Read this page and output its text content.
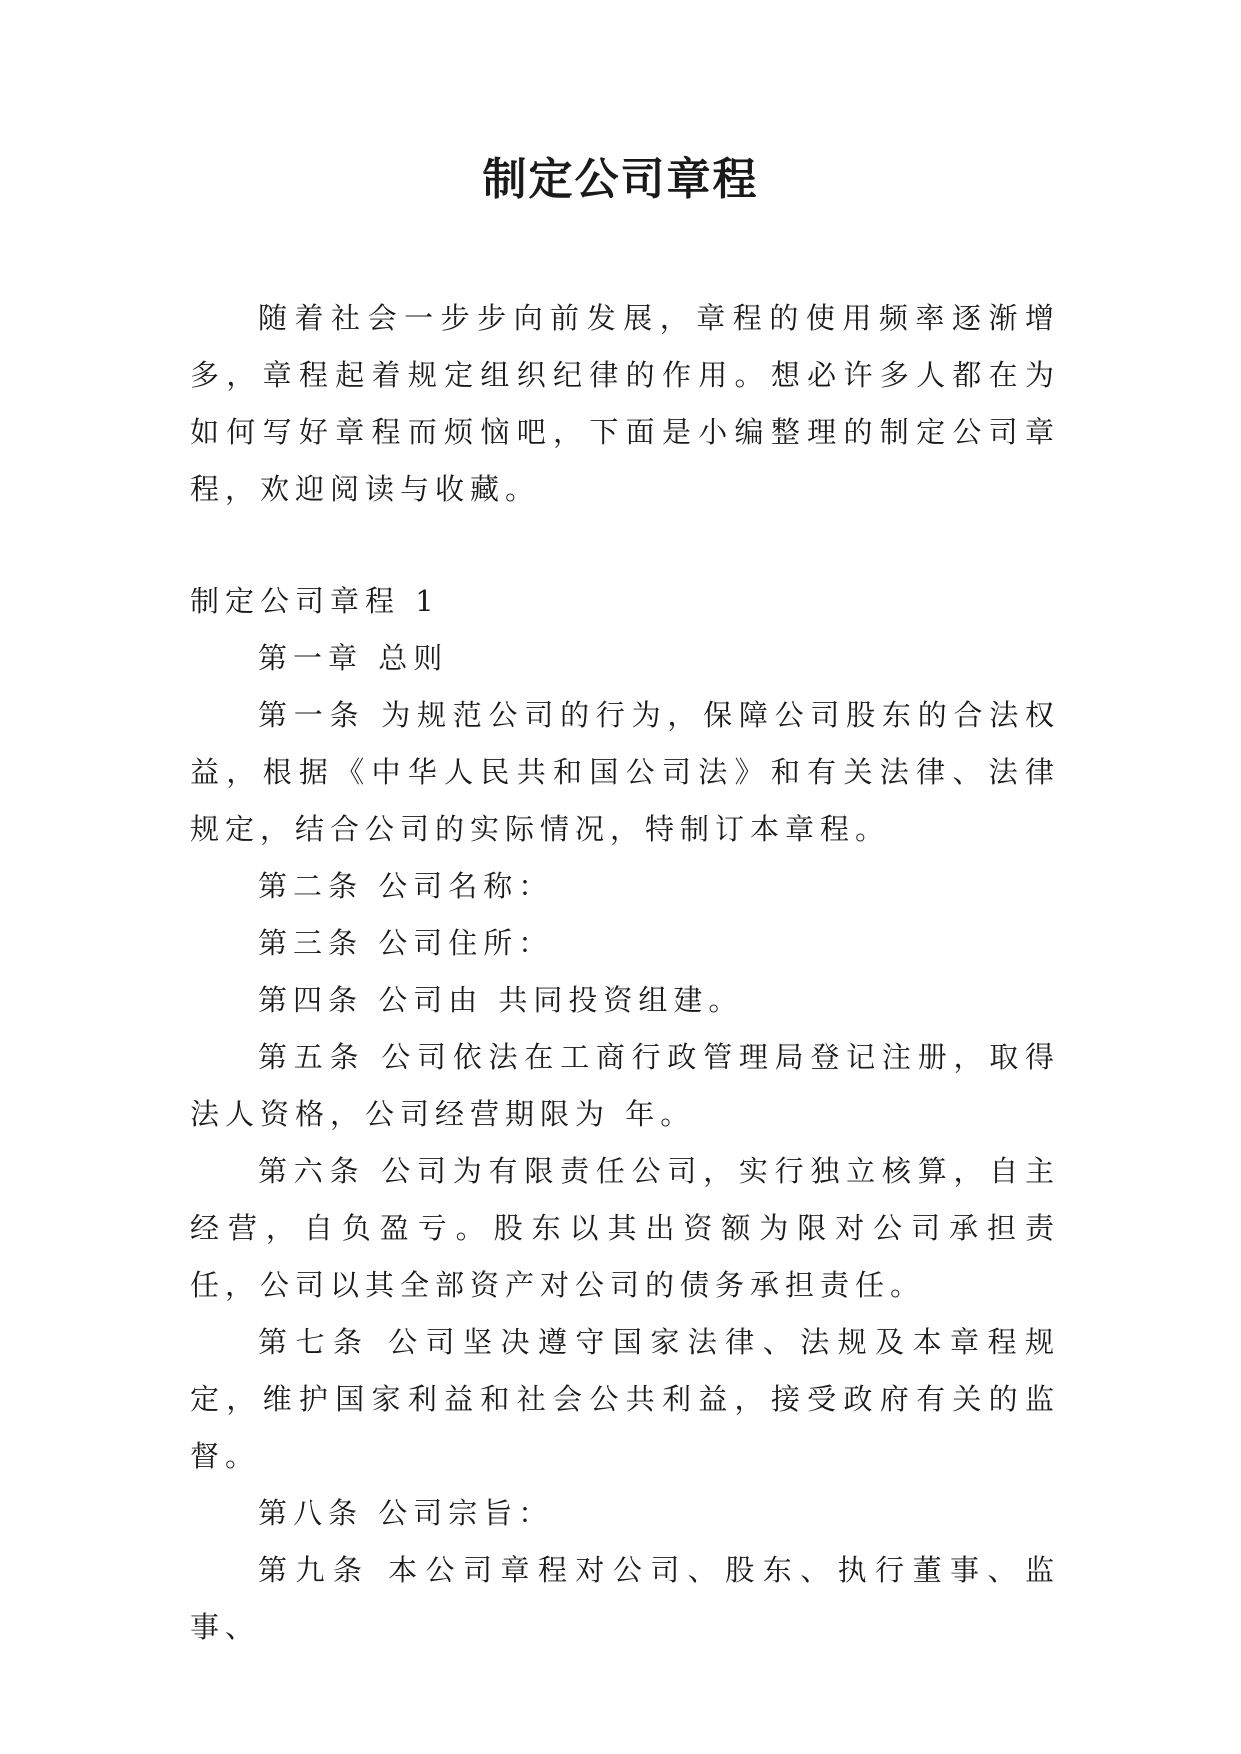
制定公司章程

随着社会一步步向前发展，章程的使用频率逐渐增多，章程起着规定组织纪律的作用。想必许多人都在为如何写好章程而烦恼吧，下面是小编整理的制定公司章程，欢迎阅读与收藏。

制定公司章程 1

第一章 总则

第一条 为规范公司的行为，保障公司股东的合法权益，根据《中华人民共和国公司法》和有关法律、法律规定，结合公司的实际情况，特制订本章程。

第二条 公司名称：

第三条 公司住所：

第四条 公司由 共同投资组建。

第五条 公司依法在工商行政管理局登记注册，取得法人资格，公司经营期限为 年。

第六条 公司为有限责任公司，实行独立核算，自主经营，自负盈亏。股东以其出资额为限对公司承担责任，公司以其全部资产对公司的债务承担责任。

第七条 公司坚决遵守国家法律、法规及本章程规定，维护国家利益和社会公共利益，接受政府有关的监督。

第八条 公司宗旨：

第九条 本公司章程对公司、股东、执行董事、监事、
